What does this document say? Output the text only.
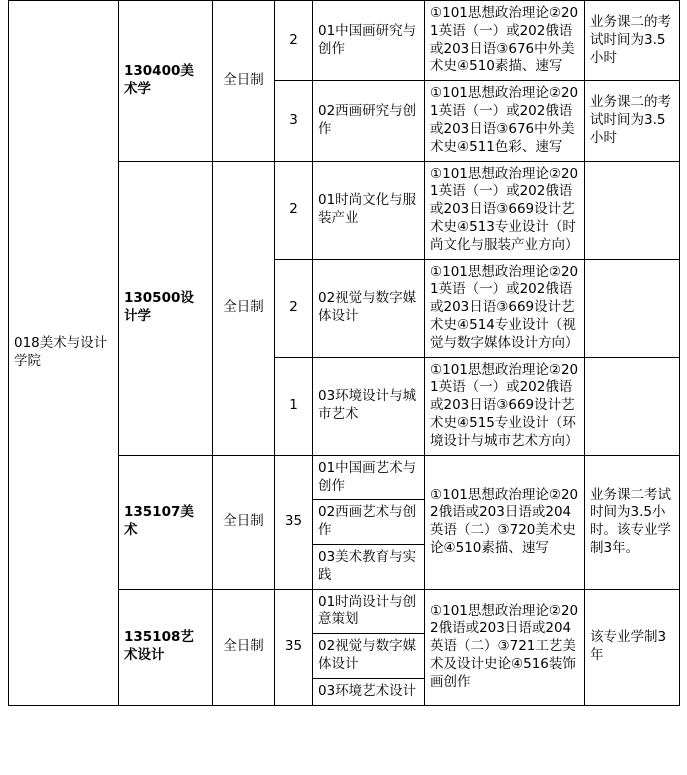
018美术与设计学院	130400美术学	全日制	2	01中国画研究与创作	①101思想政治理论②201英语（一）或202俄语或203日语③676中外美术史④510素描、速写	业务课二的考试时间为3.5小时
			3	02西画研究与创作	①101思想政治理论②201英语（一）或202俄语或203日语③676中外美术史④511色彩、速写	业务课二的考试时间为3.5小时
	130500设计学	全日制	2	01时尚文化与服装产业	①101思想政治理论②201英语（一）或202俄语或203日语③669设计艺术史④513专业设计（时尚文化与服装产业方向）	
			2	02视觉与数字媒体设计	①101思想政治理论②201英语（一）或202俄语或203日语③669设计艺术史④514专业设计（视觉与数字媒体设计方向）	
			1	03环境设计与城市艺术	①101思想政治理论②201英语（一）或202俄语或203日语③669设计艺术史④515专业设计（环境设计与城市艺术方向）	
	135107美术	全日制	35	01中国画艺术与创作	①101思想政治理论②202俄语或203日语或204英语（二）③720美术史论④510素描、速写	业务课二考试时间为3.5小时。该专业学制3年。
				02西画艺术与创作		
				03美术教育与实践		
	135108艺术设计	全日制	35	01时尚设计与创意策划	①101思想政治理论②202俄语或203日语或204英语（二）③721工艺美术及设计史论④516装饰画创作	该专业学制3年
				02视觉与数字媒体设计		
				03环境艺术设计		
